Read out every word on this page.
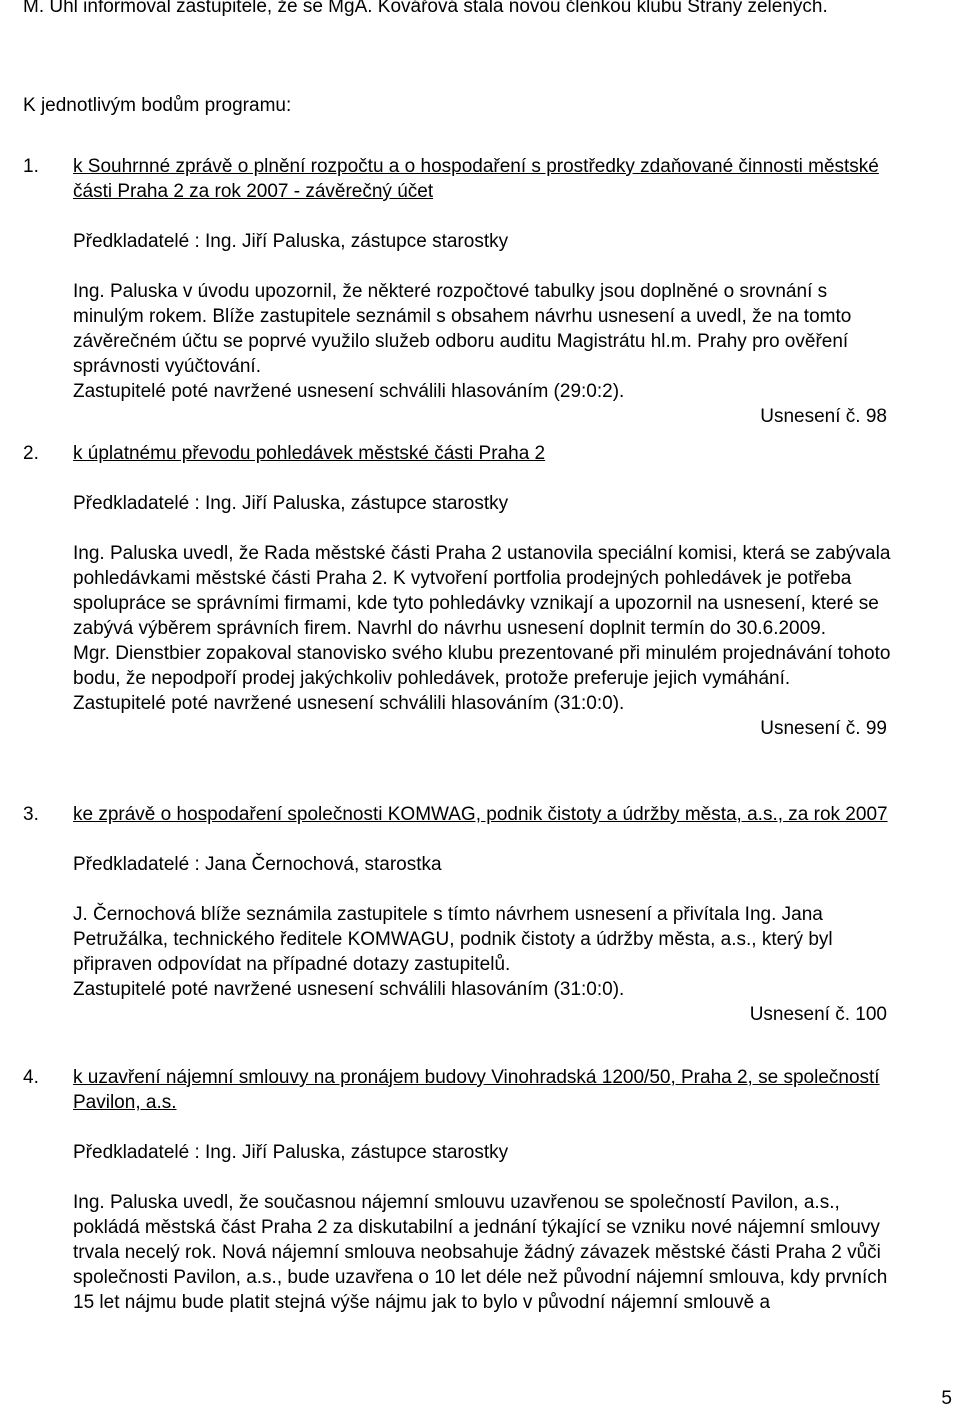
M. Uhl informoval zastupitele, že se MgA. Kovářová stala novou členkou klubu Strany zelených.
K jednotlivým bodům programu:
1. k Souhrnné zprávě o plnění rozpočtu a o hospodaření s prostředky zdaňované činnosti městské části Praha 2 za rok 2007 - závěrečný účet
Předkladatelé : Ing. Jiří Paluska, zástupce starostky

Ing. Paluska v úvodu upozornil, že některé rozpočtové tabulky jsou doplněné o srovnání s minulým rokem. Blíže zastupitele seznámil s obsahem návrhu usnesení a uvedl, že na tomto závěrečném účtu se poprvé využilo služeb odboru auditu Magistrátu hl.m. Prahy pro ověření správnosti vyúčtování.

Zastupitelé poté navržené usnesení schválili hlasováním (29:0:2).

Usnesení č. 98
2. k úplatnému převodu pohledávek městské části Praha 2
Předkladatelé : Ing. Jiří Paluska, zástupce starostky

Ing. Paluska uvedl, že Rada městské části Praha 2 ustanovila speciální komisi, která se zabývala pohledávkami městské části Praha 2. K vytvoření portfolia prodejných pohledávek je potřeba spolupráce se správními firmami, kde tyto pohledávky vznikají a upozornil na usnesení, které se zabývá výběrem správních firem. Navrhl do návrhu usnesení doplnit termín do 30.6.2009.

Mgr. Dienstbier zopakoval stanovisko svého klubu prezentované při minulém projednávání tohoto bodu, že nepodpoří prodej jakýchkoliv pohledávek, protože preferuje jejich vymáhání.

Zastupitelé poté navržené usnesení schválili hlasováním (31:0:0).

Usnesení č. 99
3. ke zprávě o hospodaření společnosti KOMWAG, podnik čistoty a údržby města, a.s., za rok 2007
Předkladatelé : Jana Černochová, starostka

J. Černochová blíže seznámila zastupitele s tímto návrhem usnesení a přivítala Ing. Jana Petružálka, technického ředitele KOMWAGU, podnik čistoty a údržby města, a.s., který byl připraven odpovídat na případné dotazy zastupitelů.

Zastupitelé poté navržené usnesení schválili hlasováním (31:0:0).

Usnesení č. 100
4. k uzavření nájemní smlouvy na pronájem budovy Vinohradská 1200/50, Praha 2, se společností Pavilon, a.s.
Předkladatelé : Ing. Jiří Paluska, zástupce starostky

Ing. Paluska uvedl, že současnou nájemní smlouvu uzavřenou se společností Pavilon, a.s., pokládá městská část Praha 2 za diskutabilní a jednání týkající se vzniku nové nájemní smlouvy trvala necelý rok. Nová nájemní smlouva neobsahuje žádný závazek městské části Praha 2 vůči společnosti Pavilon, a.s., bude uzavřena o 10 let déle než původní nájemní smlouva, kdy prvních 15 let nájmu bude platit stejná výše nájmu jak to bylo v původní nájemní smlouvě a

5
